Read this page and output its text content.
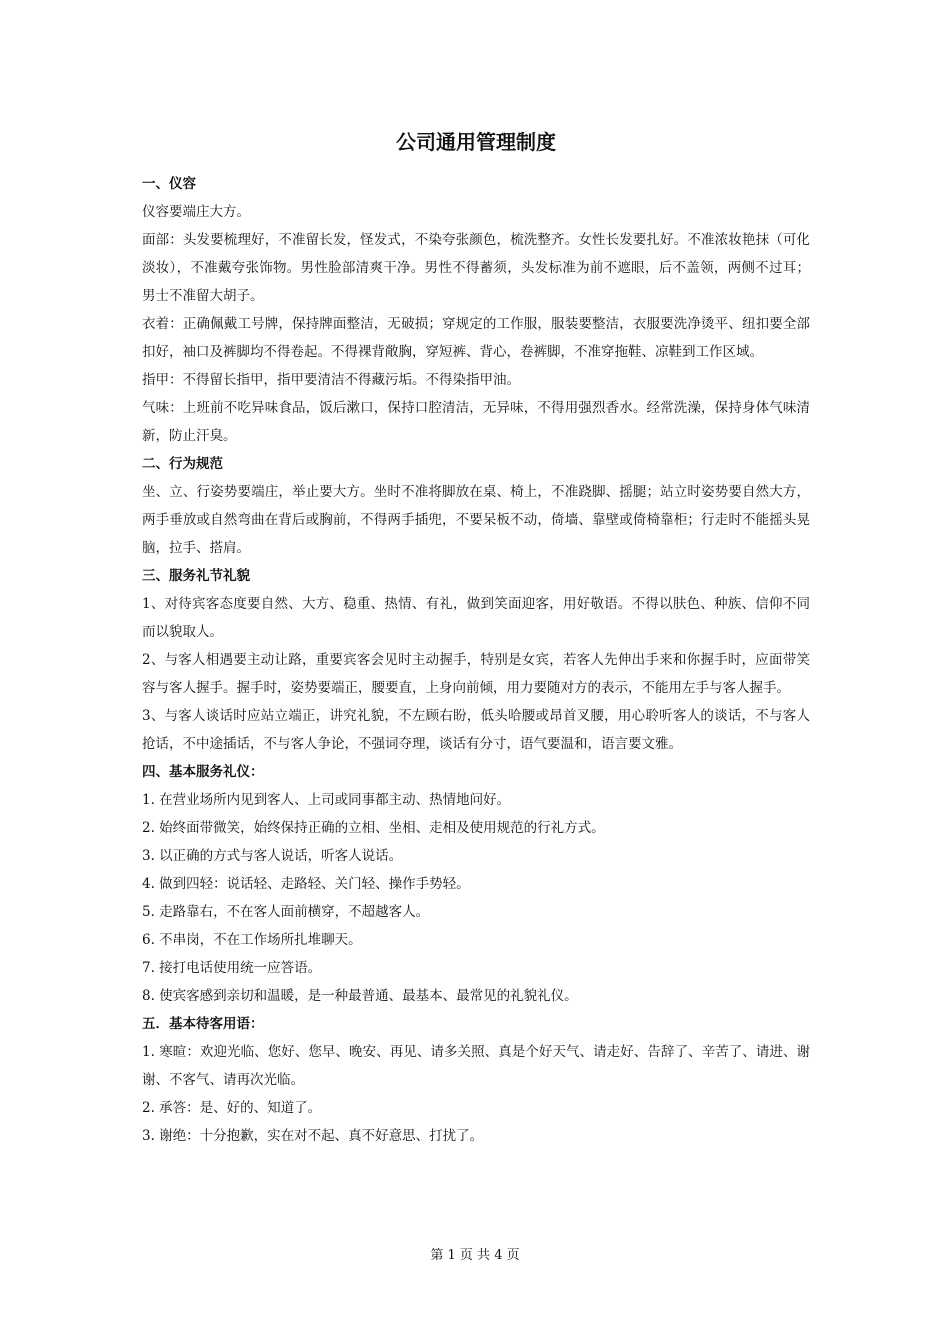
公司通用管理制度
一、仪容

仪容要端庄大方。

面部：头发要梳理好，不准留长发，怪发式，不染夸张颜色，梳洗整齐。女性长发要扎好。不准浓妆艳抹（可化淡妆），不准戴夸张饰物。男性脸部清爽干净。男性不得蓄须，头发标准为前不遮眼，后不盖领，两侧不过耳；男士不准留大胡子。

衣着：正确佩戴工号牌，保持牌面整洁，无破损；穿规定的工作服，服装要整洁，衣服要洗净烫平、纽扣要全部扣好，袖口及裤脚均不得卷起。不得裸背敞胸，穿短裤、背心，卷裤脚，不准穿拖鞋、凉鞋到工作区域。

指甲：不得留长指甲，指甲要清洁不得藏污垢。不得染指甲油。

气味：上班前不吃异味食品，饭后漱口，保持口腔清洁，无异味，不得用强烈香水。经常洗澡，保持身体气味清新，防止汗臭。

二、行为规范

坐、立、行姿势要端庄，举止要大方。坐时不准将脚放在桌、椅上，不准跷脚、摇腿；站立时姿势要自然大方，两手垂放或自然弯曲在背后或胸前，不得两手插兜，不要呆板不动，倚墙、靠壁或倚椅靠柜；行走时不能摇头晃脑，拉手、搭肩。

三、服务礼节礼貌

1、对待宾客态度要自然、大方、稳重、热情、有礼，做到笑面迎客，用好敬语。不得以肤色、种族、信仰不同而以貌取人。

2、与客人相遇要主动让路，重要宾客会见时主动握手，特别是女宾，若客人先伸出手来和你握手时，应面带笑容与客人握手。握手时，姿势要端正，腰要直，上身向前倾，用力要随对方的表示，不能用左手与客人握手。

3、与客人谈话时应站立端正，讲究礼貌，不左顾右盼，低头哈腰或昂首叉腰，用心聆听客人的谈话，不与客人抢话，不中途插话，不与客人争论，不强词夺理，谈话有分寸，语气要温和，语言要文雅。

四、基本服务礼仪：

1. 在营业场所内见到客人、上司或同事都主动、热情地问好。

2. 始终面带微笑，始终保持正确的立相、坐相、走相及使用规范的行礼方式。

3. 以正确的方式与客人说话，听客人说话。

4. 做到四轻：说话轻、走路轻、关门轻、操作手势轻。

5. 走路靠右，不在客人面前横穿，不超越客人。

6. 不串岗，不在工作场所扎堆聊天。

7. 接打电话使用统一应答语。

8. 使宾客感到亲切和温暖，是一种最普通、最基本、最常见的礼貌礼仪。

五．基本待客用语：

1. 寒暄：欢迎光临、您好、您早、晚安、再见、请多关照、真是个好天气、请走好、告辞了、辛苦了、请进、谢谢、不客气、请再次光临。

2. 承答：是、好的、知道了。

3. 谢绝：十分抱歉，实在对不起、真不好意思、打扰了。

第 1 页 共 4 页
